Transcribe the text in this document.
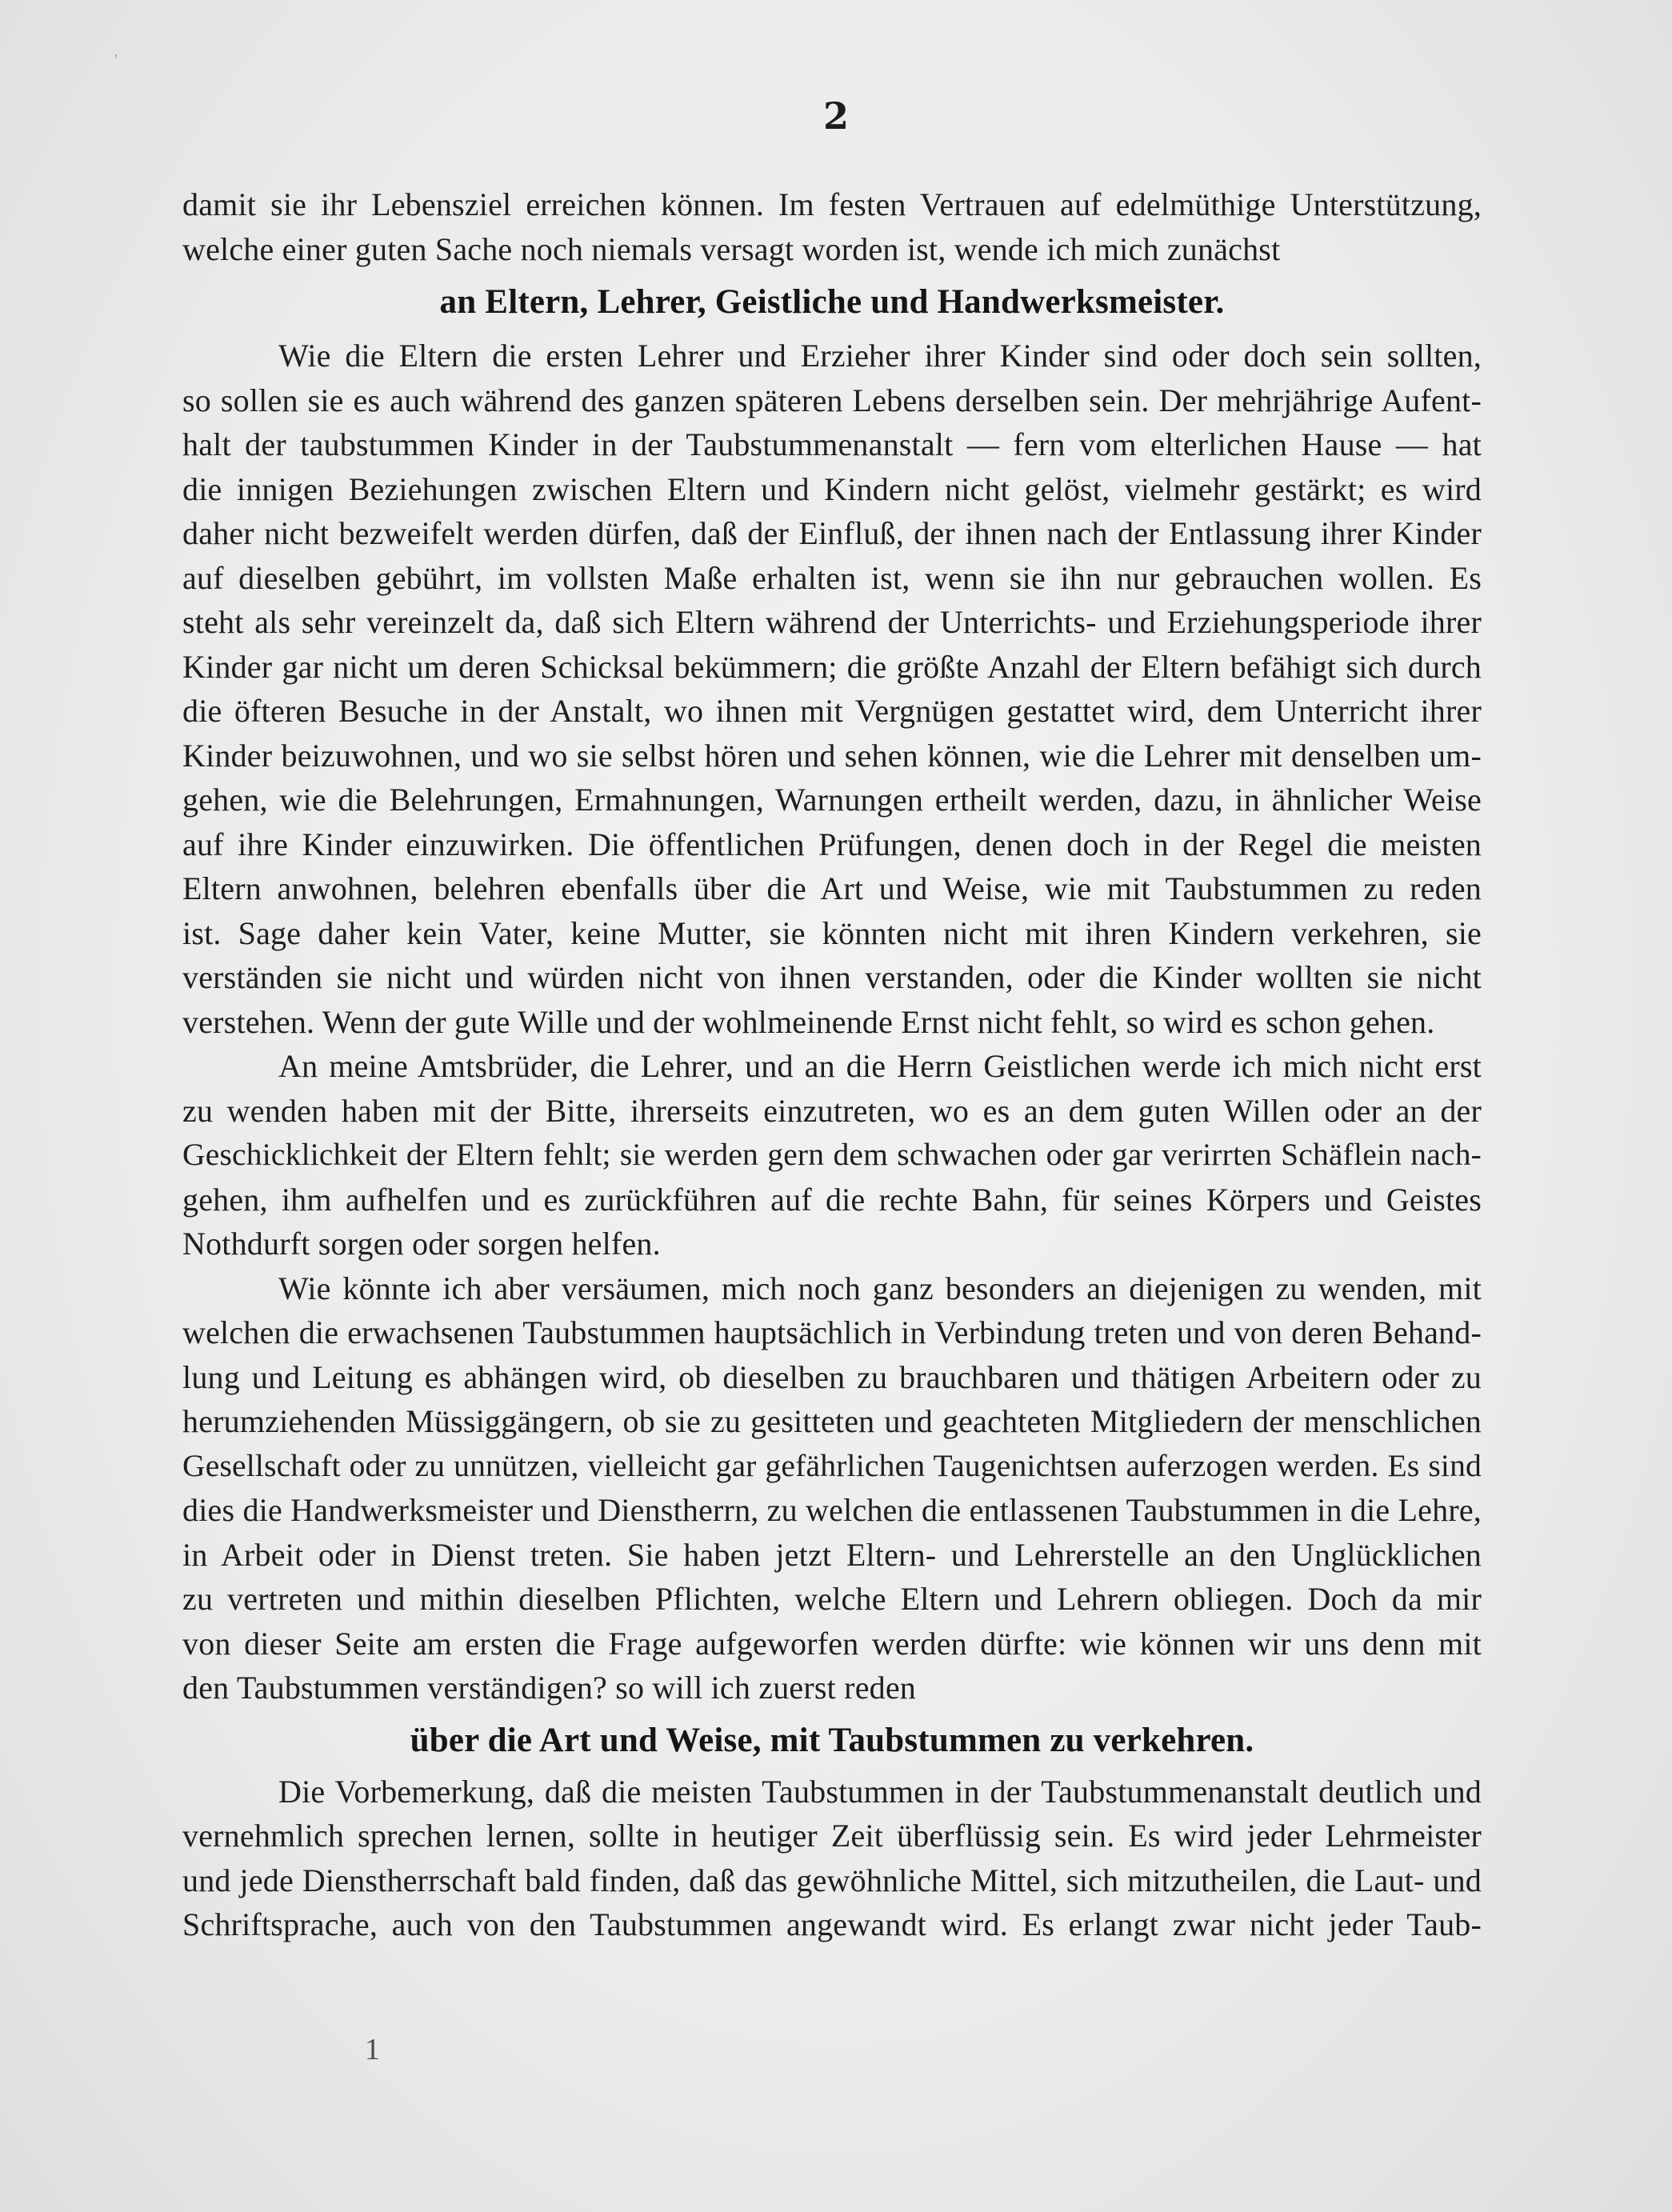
'
2
damit sie ihr Lebensziel erreichen können. Im festen Vertrauen auf edelmüthige Unterstützung,
welche einer guten Sache noch niemals versagt worden ist, wende ich mich zunächst
an Eltern, Lehrer, Geistliche und Handwerksmeister.
Wie die Eltern die ersten Lehrer und Erzieher ihrer Kinder sind oder doch sein sollten,
so sollen sie es auch während des ganzen späteren Lebens derselben sein. Der mehrjährige Aufent-
halt der taubstummen Kinder in der Taubstummenanstalt — fern vom elterlichen Hause — hat
die innigen Beziehungen zwischen Eltern und Kindern nicht gelöst, vielmehr gestärkt; es wird
daher nicht bezweifelt werden dürfen, daß der Einfluß, der ihnen nach der Entlassung ihrer Kinder
auf dieselben gebührt, im vollsten Maße erhalten ist, wenn sie ihn nur gebrauchen wollen. Es
steht als sehr vereinzelt da, daß sich Eltern während der Unterrichts- und Erziehungsperiode ihrer
Kinder gar nicht um deren Schicksal bekümmern; die größte Anzahl der Eltern befähigt sich durch
die öfteren Besuche in der Anstalt, wo ihnen mit Vergnügen gestattet wird, dem Unterricht ihrer
Kinder beizuwohnen, und wo sie selbst hören und sehen können, wie die Lehrer mit denselben um-
gehen, wie die Belehrungen, Ermahnungen, Warnungen ertheilt werden, dazu, in ähnlicher Weise
auf ihre Kinder einzuwirken. Die öffentlichen Prüfungen, denen doch in der Regel die meisten
Eltern anwohnen, belehren ebenfalls über die Art und Weise, wie mit Taubstummen zu reden
ist. Sage daher kein Vater, keine Mutter, sie könnten nicht mit ihren Kindern verkehren, sie
verständen sie nicht und würden nicht von ihnen verstanden, oder die Kinder wollten sie nicht
verstehen. Wenn der gute Wille und der wohlmeinende Ernst nicht fehlt, so wird es schon gehen.
An meine Amtsbrüder, die Lehrer, und an die Herrn Geistlichen werde ich mich nicht erst
zu wenden haben mit der Bitte, ihrerseits einzutreten, wo es an dem guten Willen oder an der
Geschicklichkeit der Eltern fehlt; sie werden gern dem schwachen oder gar verirrten Schäflein nach-
gehen, ihm aufhelfen und es zurückführen auf die rechte Bahn, für seines Körpers und Geistes
Nothdurft sorgen oder sorgen helfen.
Wie könnte ich aber versäumen, mich noch ganz besonders an diejenigen zu wenden, mit
welchen die erwachsenen Taubstummen hauptsächlich in Verbindung treten und von deren Behand-
lung und Leitung es abhängen wird, ob dieselben zu brauchbaren und thätigen Arbeitern oder zu
herumziehenden Müssiggängern, ob sie zu gesitteten und geachteten Mitgliedern der menschlichen
Gesellschaft oder zu unnützen, vielleicht gar gefährlichen Taugenichtsen auferzogen werden. Es sind
dies die Handwerksmeister und Dienstherrn, zu welchen die entlassenen Taubstummen in die Lehre,
in Arbeit oder in Dienst treten. Sie haben jetzt Eltern- und Lehrerstelle an den Unglücklichen
zu vertreten und mithin dieselben Pflichten, welche Eltern und Lehrern obliegen. Doch da mir
von dieser Seite am ersten die Frage aufgeworfen werden dürfte: wie können wir uns denn mit
den Taubstummen verständigen? so will ich zuerst reden
über die Art und Weise, mit Taubstummen zu verkehren.
Die Vorbemerkung, daß die meisten Taubstummen in der Taubstummenanstalt deutlich und
vernehmlich sprechen lernen, sollte in heutiger Zeit überflüssig sein. Es wird jeder Lehrmeister
und jede Dienstherrschaft bald finden, daß das gewöhnliche Mittel, sich mitzutheilen, die Laut- und
Schriftsprache, auch von den Taubstummen angewandt wird. Es erlangt zwar nicht jeder Taub-
1
